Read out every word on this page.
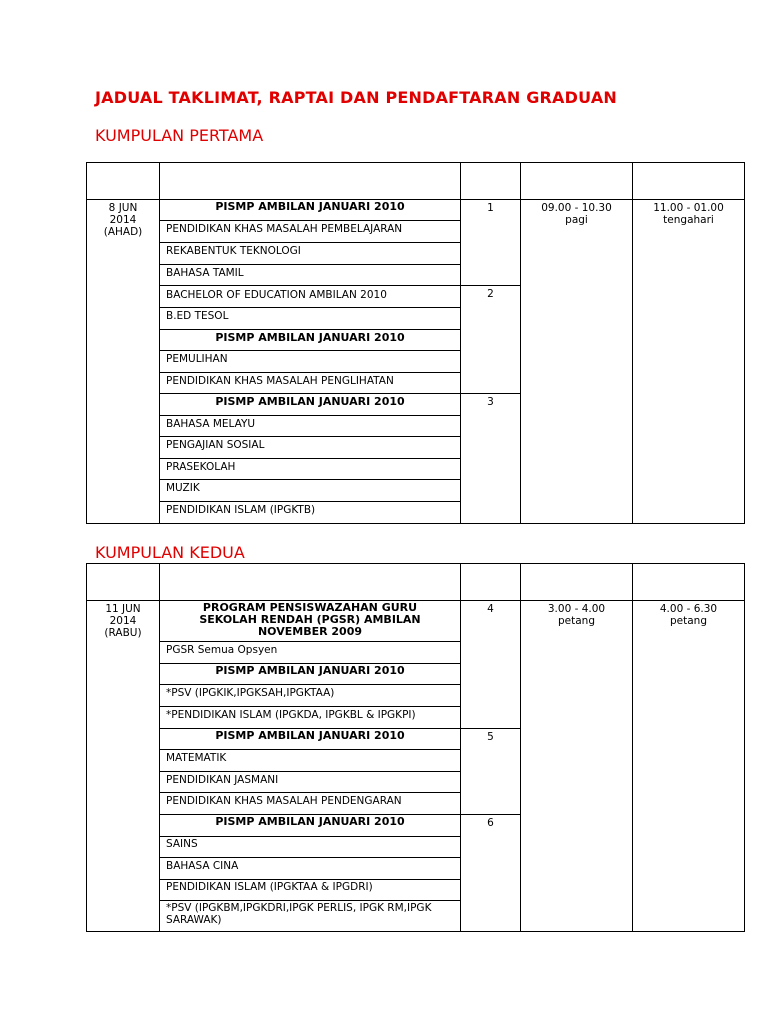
JADUAL TAKLIMAT, RAPTAI DAN PENDAFTARAN GRADUAN
KUMPULAN PERTAMA
8 JUN
2014
(AHAD)
PISMP AMBILAN JANUARI 2010
PENDIDIKAN KHAS MASALAH PEMBELAJARAN
REKABENTUK TEKNOLOGI
BAHASA TAMIL
BACHELOR OF EDUCATION AMBILAN 2010
B.ED TESOL
PISMP AMBILAN JANUARI 2010
PEMULIHAN
PENDIDIKAN KHAS MASALAH PENGLIHATAN
PISMP AMBILAN JANUARI 2010
BAHASA MELAYU
PENGAJIAN SOSIAL
PRASEKOLAH
MUZIK
PENDIDIKAN ISLAM (IPGKTB)
1
2
3
09.00 - 10.30
pagi
11.00 - 01.00
tengahari
KUMPULAN KEDUA
11 JUN
2014
(RABU)
PROGRAM PENSISWAZAHAN GURU SEKOLAH RENDAH (PGSR) AMBILAN NOVEMBER 2009
PGSR Semua Opsyen
PISMP AMBILAN JANUARI 2010
*PSV (IPGKIK,IPGKSAH,IPGKTAA)
*PENDIDIKAN ISLAM (IPGKDA, IPGKBL & IPGKPI)
PISMP AMBILAN JANUARI 2010
MATEMATIK
PENDIDIKAN JASMANI
PENDIDIKAN KHAS MASALAH PENDENGARAN
PISMP AMBILAN JANUARI 2010
SAINS
BAHASA CINA
PENDIDIKAN ISLAM (IPGKTAA & IPGDRI)
*PSV (IPGKBM,IPGKDRI,IPGK PERLIS, IPGK RM,IPGK SARAWAK)
4
5
6
3.00 - 4.00
petang
4.00 - 6.30
petang
